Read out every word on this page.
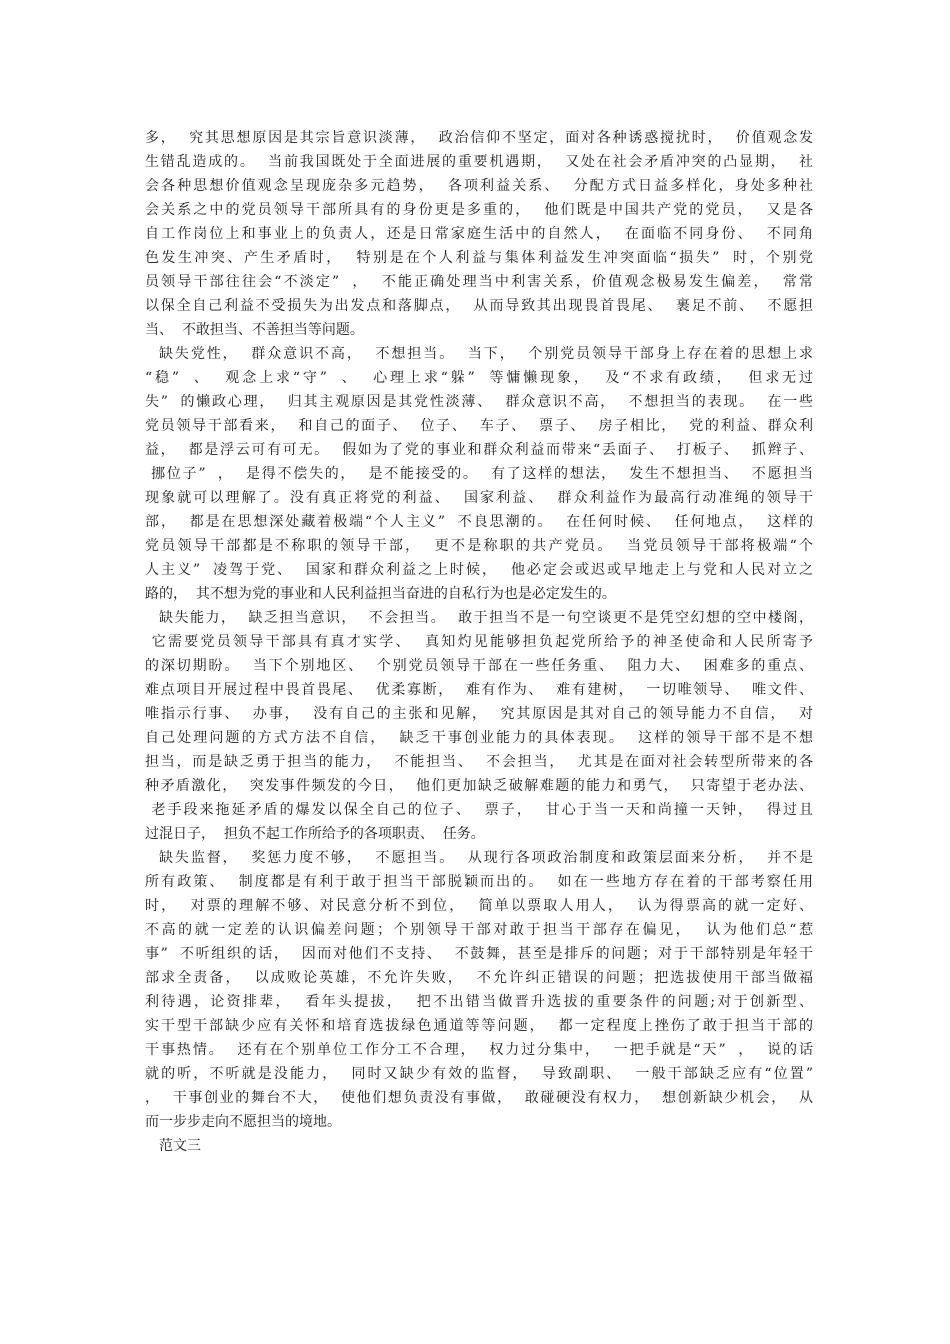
多，  究其思想原因是其宗旨意识淡薄，  政治信仰不坚定，面对各种诱惑搅扰时，  价值观念发
生错乱造成的。  当前我国既处于全面进展的重要机遇期，  又处在社会矛盾冲突的凸显期，  社
会各种思想价值观念呈现庞杂多元趋势，  各项利益关系、  分配方式日益多样化，身处多种社
会关系之中的党员领导干部所具有的身份更是多重的，  他们既是中国共产党的党员，  又是各
自工作岗位上和事业上的负责人，还是日常家庭生活中的自然人，  在面临不同身份、  不同角
色发生冲突、产生矛盾时，  特别是在个人利益与集体利益发生冲突面临“损失”  时，个别党
员领导干部往往会“不淡定”  ，  不能正确处理当中利害关系，价值观念极易发生偏差，  常常
以保全自己利益不受损失为出发点和落脚点，  从而导致其出现畏首畏尾、  裹足不前、  不愿担
当、  不敢担当、不善担当等问题。
缺失党性，  群众意识不高，  不想担当。  当下，  个别党员领导干部身上存在着的思想上求
“稳”  、  观念上求“守”  、  心理上求“躲”  等慵懒现象，  及“不求有政绩，  但求无过
失”  的懒政心理，  归其主观原因是其党性淡薄、  群众意识不高，  不想担当的表现。  在一些
党员领导干部看来，  和自己的面子、  位子、  车子、  票子、  房子相比，  党的利益、群众利
益，  都是浮云可有可无。  假如为了党的事业和群众利益而带来“丢面子、  打板子、  抓辫子、
挪位子”  ，  是得不偿失的，  是不能接受的。  有了这样的想法，  发生不想担当、  不愿担当
现象就可以理解了。没有真正将党的利益、  国家利益、  群众利益作为最高行动准绳的领导干
部，  都是在思想深处藏着极端“个人主义”  不良思潮的。  在任何时候、  任何地点，  这样的
党员领导干部都是不称职的领导干部，  更不是称职的共产党员。  当党员领导干部将极端“个
人主义”  凌驾于党、  国家和群众利益之上时候，  他必定会或迟或早地走上与党和人民对立之
路的，  其不想为党的事业和人民利益担当奋进的自私行为也是必定发生的。
缺失能力，  缺乏担当意识，  不会担当。  敢于担当不是一句空谈更不是凭空幻想的空中楼阁，
它需要党员领导干部具有真才实学、  真知灼见能够担负起党所给予的神圣使命和人民所寄予
的深切期盼。  当下个别地区、  个别党员领导干部在一些任务重、  阻力大、  困难多的重点、
难点项目开展过程中畏首畏尾、  优柔寡断，  难有作为、  难有建树，  一切唯领导、  唯文件、
唯指示行事、  办事，  没有自己的主张和见解，  究其原因是其对自己的领导能力不自信，  对
自己处理问题的方式方法不自信，  缺乏干事创业能力的具体表现。  这样的领导干部不是不想
担当，而是缺乏勇于担当的能力，  不能担当、  不会担当，  尤其是在面对社会转型所带来的各
种矛盾激化，  突发事件频发的今日，  他们更加缺乏破解难题的能力和勇气，  只寄望于老办法、
老手段来拖延矛盾的爆发以保全自己的位子、  票子，  甘心于当一天和尚撞一天钟，  得过且
过混日子，  担负不起工作所给予的各项职责、  任务。
缺失监督，  奖惩力度不够，  不愿担当。  从现行各项政治制度和政策层面来分析，  并不是
所有政策、  制度都是有利于敢于担当干部脱颖而出的。  如在一些地方存在着的干部考察任用
时，  对票的理解不够、对民意分析不到位，  简单以票取人用人，  认为得票高的就一定好、
不高的就一定差的认识偏差问题；个别领导干部对敢于担当干部存在偏见，  认为他们总“惹
事”  不听组织的话，  因而对他们不支持、  不鼓舞，甚至是排斥的问题；对于干部特别是年轻干
部求全责备，  以成败论英雄，不允许失败，  不允许纠正错误的问题；把选拔使用干部当做福
利待遇，论资排辈，  看年头提拔，  把不出错当做晋升选拔的重要条件的问题;对于创新型、
实干型干部缺少应有关怀和培育选拔绿色通道等等问题，  都一定程度上挫伤了敢于担当干部的
干事热情。  还有在个别单位工作分工不合理，  权力过分集中，  一把手就是“天”  ，  说的话
就的听，不听就是没能力，  同时又缺少有效的监督，  导致副职、  一般干部缺乏应有“位置”
，  干事创业的舞台不大，  使他们想负责没有事做，  敢碰硬没有权力，  想创新缺少机会，  从
而一步步走向不愿担当的境地。
范文三
